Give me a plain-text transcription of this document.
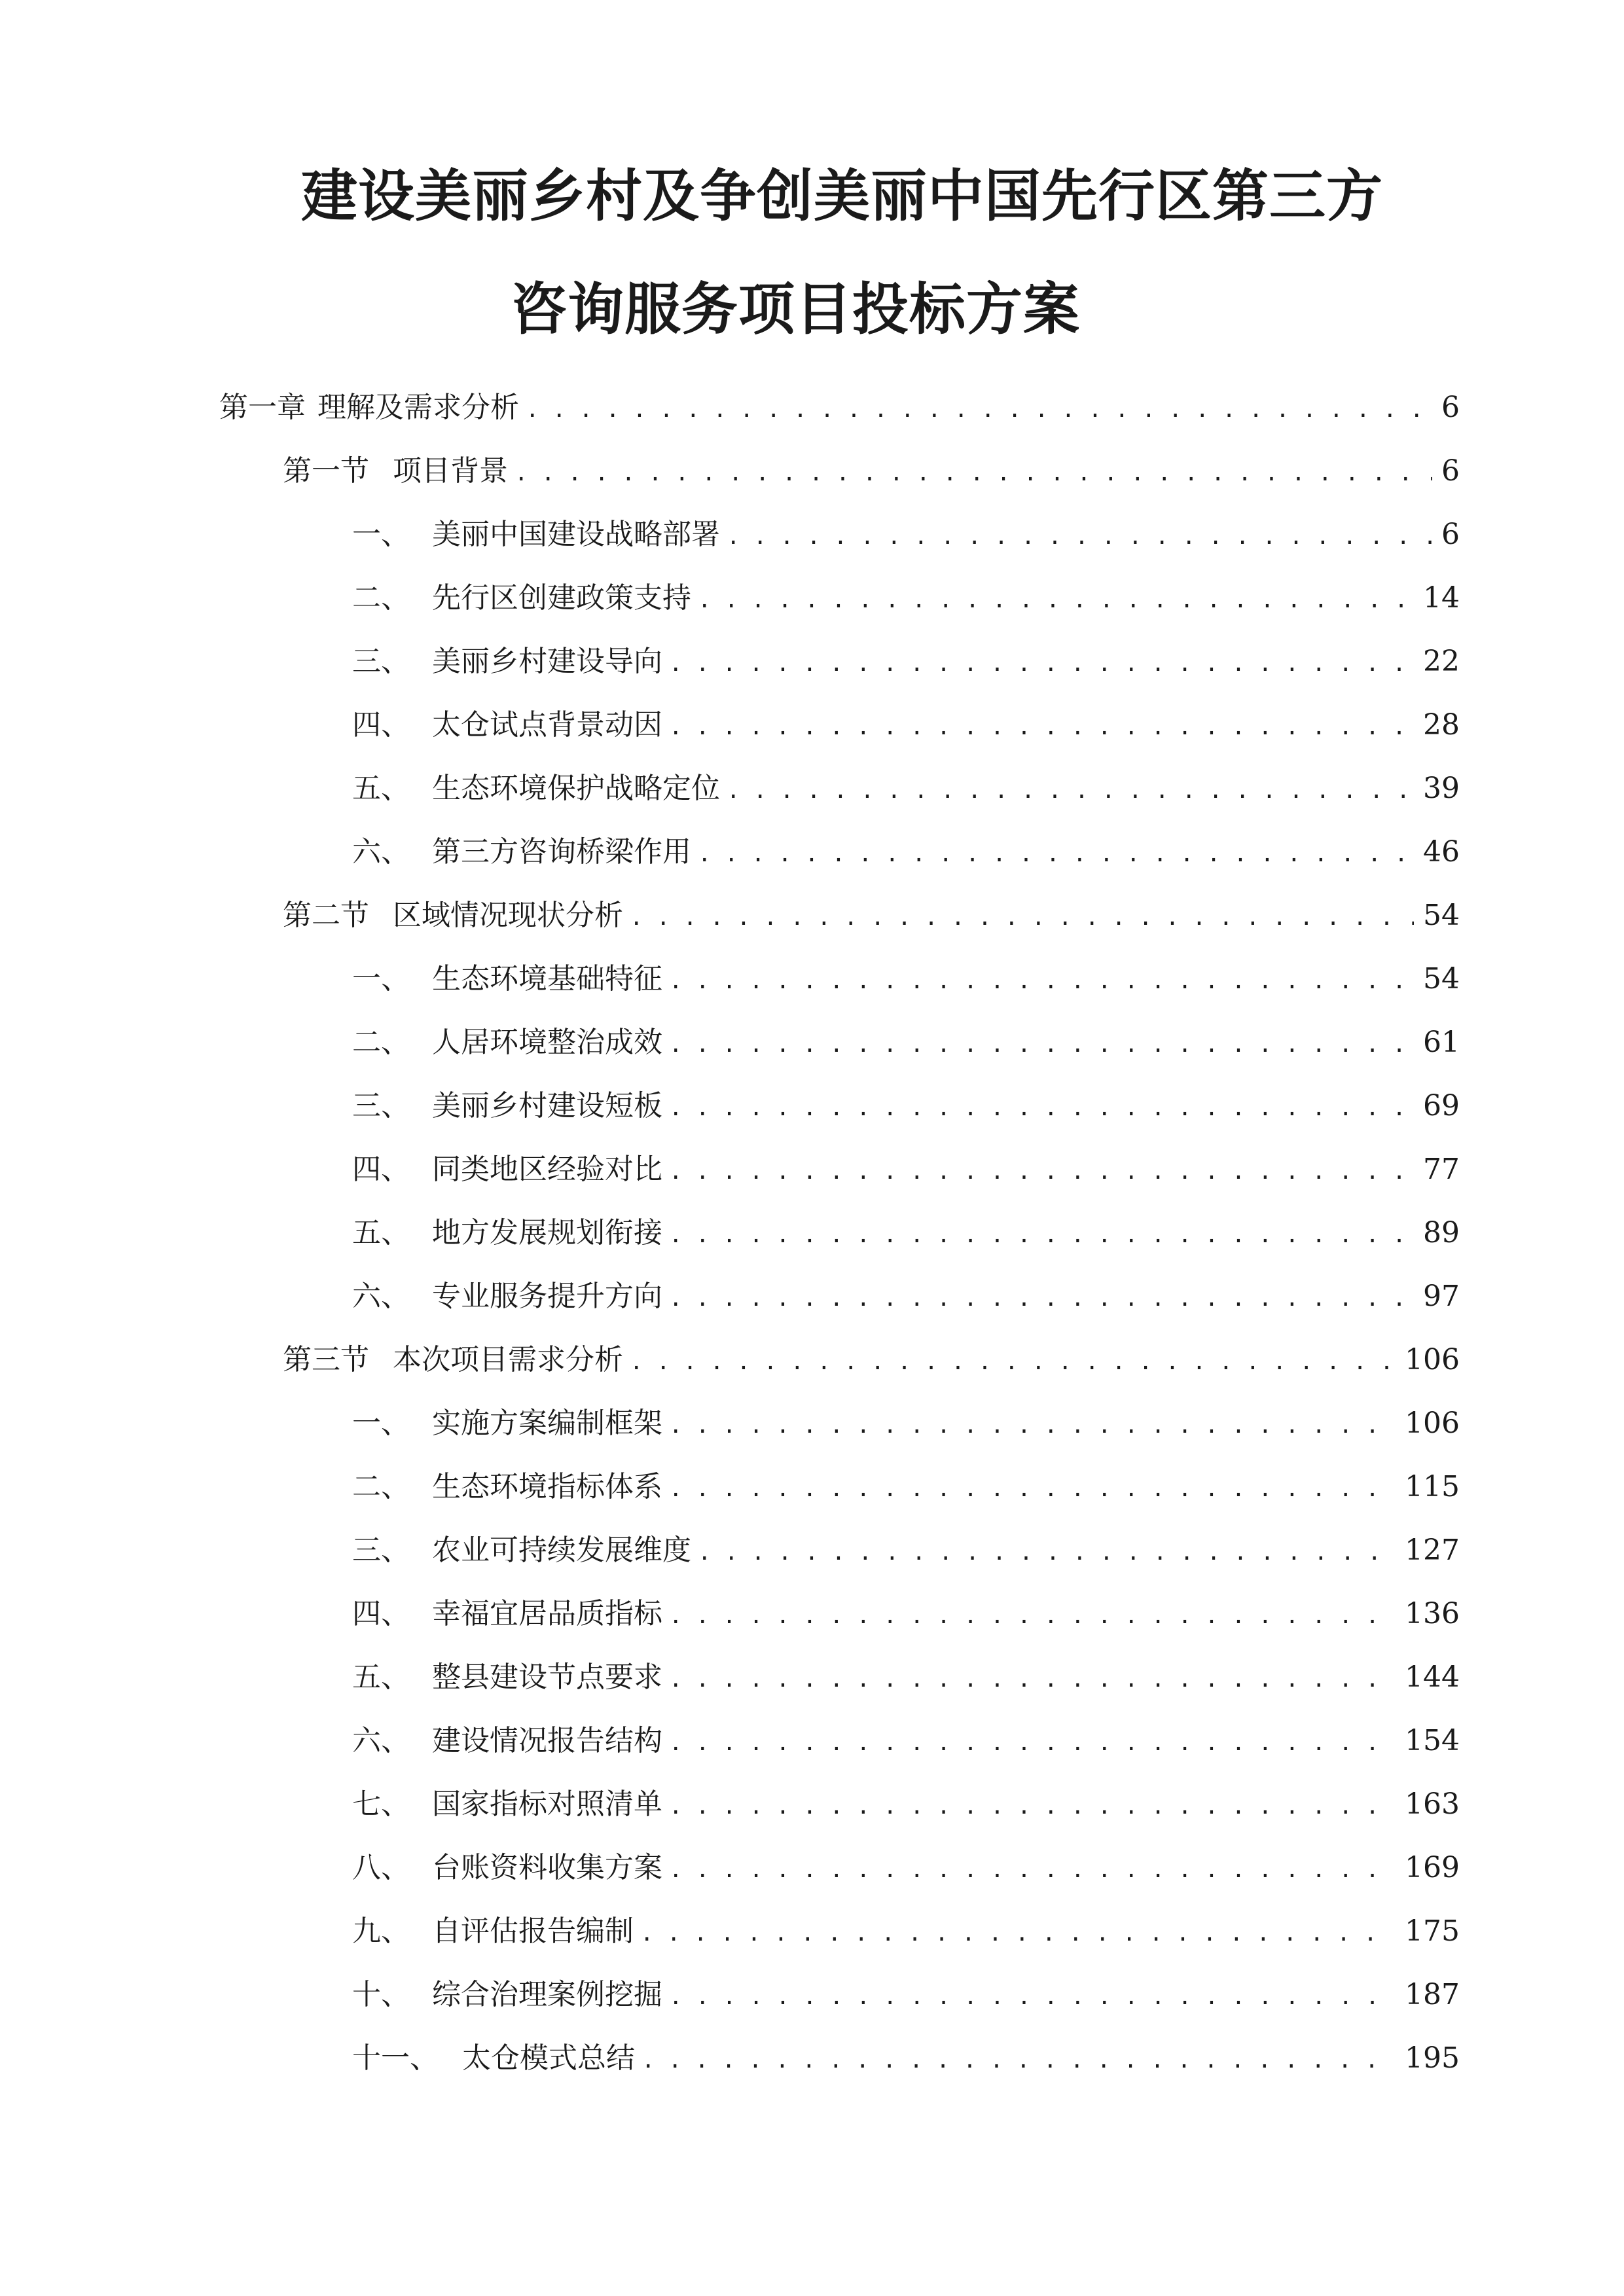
建设美丽乡村及争创美丽中国先行区第三方
咨询服务项目投标方案
第一章 理解及需求分析 . . .	6
第一节 项目背景 . . .	6
一、 美丽中国建设战略部署 . . .	6
二、 先行区创建政策支持 . . .	14
三、 美丽乡村建设导向 . . .	22
四、 太仓试点背景动因 . . .	28
五、 生态环境保护战略定位 . . .	39
六、 第三方咨询桥梁作用 . . .	46
第二节 区域情况现状分析 . . .	54
一、 生态环境基础特征 . . .	54
二、 人居环境整治成效 . . .	61
三、 美丽乡村建设短板 . . .	69
四、 同类地区经验对比 . . .	77
五、 地方发展规划衔接 . . .	89
六、 专业服务提升方向 . . .	97
第三节 本次项目需求分析 . . .	106
一、 实施方案编制框架 . . .	106
二、 生态环境指标体系 . . .	115
三、 农业可持续发展维度 . . .	127
四、 幸福宜居品质指标 . . .	136
五、 整县建设节点要求 . . .	144
六、 建设情况报告结构 . . .	154
七、 国家指标对照清单 . . .	163
八、 台账资料收集方案 . . .	169
九、 自评估报告编制 . . .	175
十、 综合治理案例挖掘 . . .	187
十一、 太仓模式总结 . . .	195
